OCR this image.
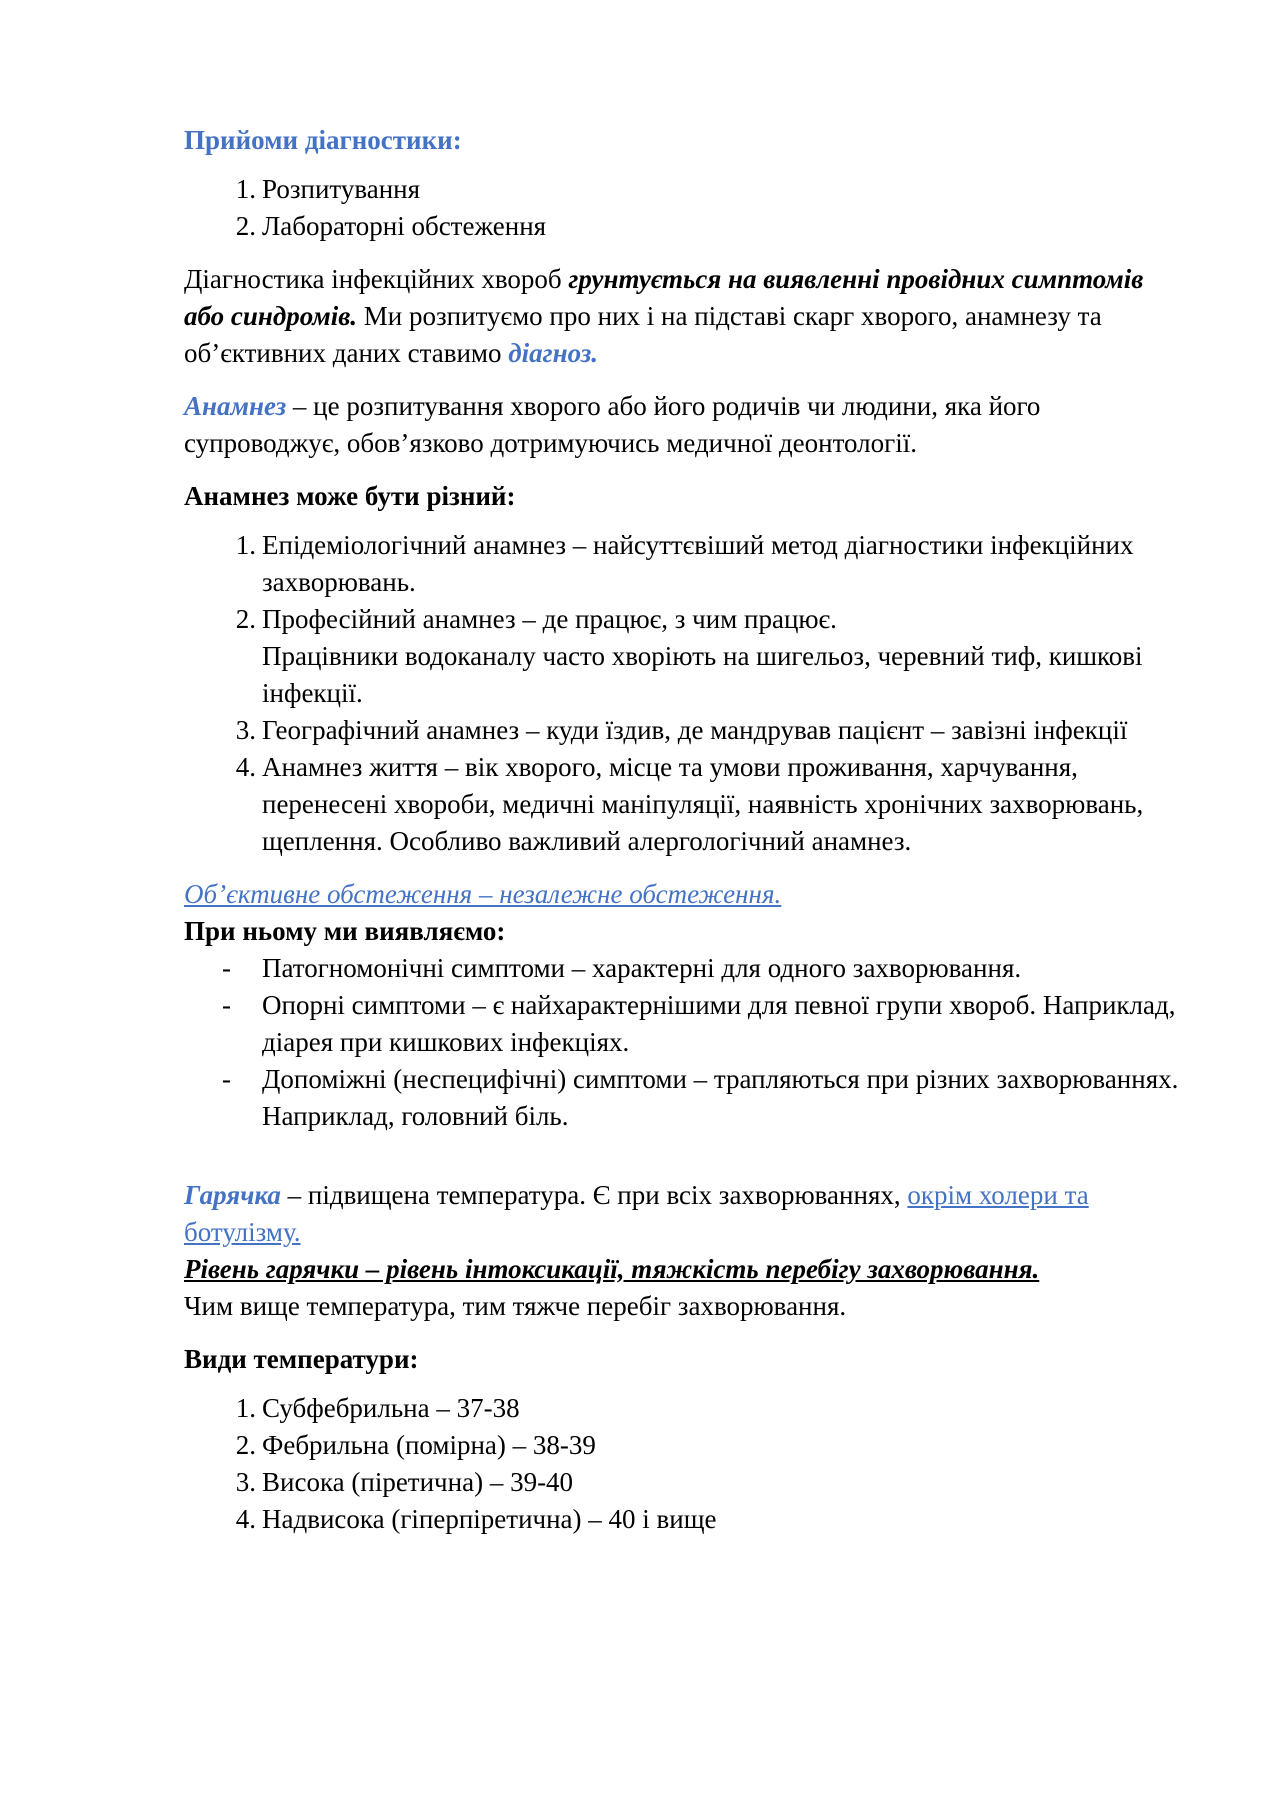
Прийоми діагностики:

1. Розпитування
2. Лабораторні обстеження

Діагностика інфекційних хвороб грунтується на виявленні провідних симптомів або синдромів. Ми розпитуємо про них і на підставі скарг хворого, анамнезу та об’єктивних даних ставимо діагноз.

Анамнез – це розпитування хворого або його родичів чи людини, яка його супроводжує, обов’язково дотримуючись медичної деонтології.

Анамнез може бути різний:

1. Епідеміологічний анамнез – найсуттєвіший метод діагностики інфекційних захворювань.
2. Професійний анамнез – де працює, з чим працює.
Працівники водоканалу часто хворіють на шигельоз, черевний тиф, кишкові інфекції.
3. Географічний анамнез – куди їздив, де мандрував пацієнт – завізні інфекції
4. Анамнез життя – вік хворого, місце та умови проживання, харчування, перенесені хвороби, медичні маніпуляції, наявність хронічних захворювань, щеплення. Особливо важливий алергологічний анамнез.

Об’єктивне обстеження – незалежне обстеження.

При ньому ми виявляємо:

- Патогномонічні симптоми – характерні для одного захворювання.
- Опорні симптоми – є найхарактернішими для певної групи хвороб. Наприклад, діарея при кишкових інфекціях.
- Допоміжні (неспецифічні) симптоми – трапляються при різних захворюваннях. Наприклад, головний біль.

Гарячка – підвищена температура. Є при всіх захворюваннях, окрім холери та ботулізму.

Рівень гарячки – рівень інтоксикації, тяжкість перебігу захворювання.

Чим вище температура, тим тяжче перебіг захворювання.

Види температури:

1. Субфебрильна – 37-38
2. Фебрильна (помірна) – 38-39
3. Висока (піретична) – 39-40
4. Надвисока (гіперпіретична) – 40 і вище
